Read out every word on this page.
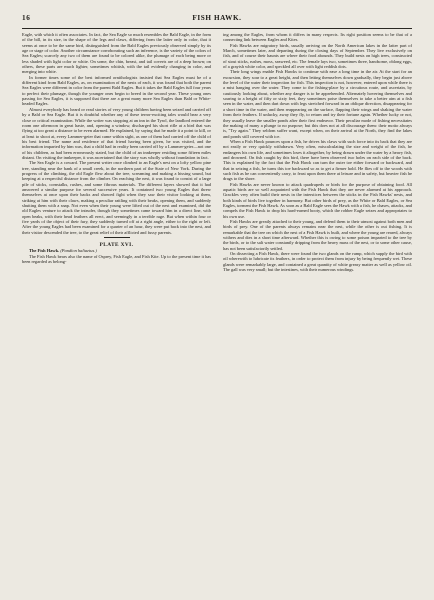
16	FISH HAWK.

Eagle, with which it often associates. In fact, the Sea Eagle so much resembles the Bald Eagle, in the form of the bill, in its size, in the shape of the legs and claws, differing from the latter only in color, that it seems at once to be the same bird, distinguished from the Bald Eagles previously observed simply by its age or stage of color. Another circumstance corroborating such an inference, is the variety of the colors of Sea Eagles; scarcely any two of them are found to be colored alike, the plumage of each being more or less shaded with light color or white. On some, the chin, breast, and tail coverts are of a deep brown; on others, these parts are much lighter, sometimes whitish, with the tail evidently changing in color, and merging into white.

In former times some of the best informed ornithologists insisted that Sea Eagles must be of a different kind from Bald Eagles, as, on examination of the nests of each, it was found that both the parent Sea Eagles were different in color from the parent Bald Eagles. But it takes the Bald Eagles full four years to perfect their plumage, though the younger ones begin to breed in the second year. These young ones passing for Sea Eagles, it is supposed that there are a great many more Sea Eagles than Bald or White-headed Eagles.

Almost everybody has heard or read stories of very young children having been seized and carried off by a Bald or Sea Eagle. But it is doubtful whether any of these terror-exciting tales would bear a very close or critical examination. While the writer was stopping at an inn in the Tyrol, the landlord entered the room one afternoon in great haste, and, opening a window, discharged his short rifle at a bird that was flying at too great a distance to be even alarmed. He explained, by saying that he made it a point to kill, or at least to shoot at, every Lammer-geier that came within sight, as one of them had carried off the child of his best friend. The name and residence of that friend having been given, he was visited, and the information imparted by him was, that a child had in reality been carried off by a Lammer-geier—not one of his children, as had been erroneously stated, but the child of an innkeeper residing some fifteen miles distant. On visiting the innkeeper, it was ascertained that the story was wholly without foundation in fact.

The Sea Eagle is a coward. The present writer once climbed to an Eagle's nest on a lofty yellow pine tree, standing near the bank of a small creek, in the northern part of the State of New York. During the progress of the climbing, the old Eagle flew about the tree, screaming and making a hissing sound, but keeping at a respectful distance from the climber. On reaching the nest, it was found to consist of a large pile of sticks, cornstalks, rushes, and some fibrous materials. The different layers showed that it had answered a similar purpose for several successive years. It contained two young Eagles that threw themselves at once upon their backs and showed fight when they saw their visitor looking at them, striking at him with their claws, making a peculiar rattling with their beaks, opening them, and suddenly shutting them with a snap. Not even when their young were lifted out of the nest and examined, did the old Eagles venture to attack the intruder, though they sometimes came toward him in a direct line, with open beaks, with their head feathers all erect, and seemingly in a terrible rage. But when within four or five yards of the object of their fury, they suddenly turned off at a right angle, either to the right or left. After the young Eagles had been examined for a quarter of an hour, they were put back into the nest, and their visitor descended the tree, to the great relief of their afflicted and fussy parents.

PLATE XVI.

The Fish Hawk. (Pandion haliaetus.)

The Fish Hawk bears also the name of Osprey, Fish Eagle, and Fish Kite. Up to the present time it has been regarded as belong-

ing among the Eagles, from whom it differs in many respects. Its right position seems to be that of a connecting link between Eagles and Kites.

Fish Hawks are migratory birds, usually arriving on the North American lakes in the latter part of March, sometimes later, and departing during the closing days of September. They live exclusively on fish, and of course their haunts are where their food abounds. They build nests on high trees, constructed of stout sticks, rushes, moss, seaweed, etc. The female lays two, sometimes three, handsome, oblong eggs, of a grayish white color, and speckled all over with light reddish dots.

Their long wings enable Fish Hawks to continue with ease a long time in the air. At the start for an excursion, they soar to a great height, and then letting themselves down gradually, they begin just above the level of the water their inspection for fish. This inspection is not, however, entered upon while there is a mist hanging over the water. They come to the fishing-place by a circuitous route, and ascertain, by cautiously looking about, whether any danger is to be apprehended. Alternately hovering themselves and soaring to a height of fifty or sixty feet, they sometimes poise themselves to take a better aim at a fish seen in the water, and then dart down with legs stretched forward in an oblique direction, disappearing for a short time in the water, and then reappearing on the surface, flapping their wings and shaking the water from their feathers. If unlucky, away they fly, to return and try their fortune again. Whether lucky or not, they usually leave the smaller ponds after their first endeavor. Their peculiar mode of fishing necessitates the making of many a plunge to no purpose; but this does not at all discourage them: their motto always is, "Try again." They seldom suffer want, except when, on their arrival at the North, they find the lakes and ponds still covered with ice.

When a Fish Hawk pounces upon a fish, he drives his claws with such force into its back that they are not easily or very quickly withdrawn. Very often, miscalculating the size and weight of the fish, he endangers his own life, and sometimes loses it altogether, by being drawn under the water by a heavy fish, and drowned. On fish caught by this bird, there have been observed two holes on each side of the back. This is explained by the fact that the Fish Hawk can turn the outer toe either forward or backward, and that in seizing a fish, he turns this toe backward so as to get a firmer hold. He flies off to the woods with such fish as he can conveniently carry, to feast upon them there at leisure and in safety, but heavier fish he drags to the shore.

Fish Hawks are never known to attack quadrupeds or birds for the purpose of obtaining food. All aquatic birds are so well acquainted with the Fish Hawk that they are never alarmed at his approach. Grackles very often build their nests in the interstices between the sticks in the Fish Hawks' nests, and both kinds of birds live together in harmony. But other birds of prey, as the White or Bald Eagles, or Sea Eagles, torment the Fish Hawk. As soon as a Bald Eagle sees the Hawk with a fish, he chases, attacks, and compels the Fish Hawk to drop his hard-earned booty, which the robber Eagle seizes and appropriates to his own use.

Fish Hawks are greatly attached to their young, and defend them to their utmost against both men and birds of prey. One of the parents always remains near the nest, while the other is out fishing. It is remarkable that the tree on which the nest of a Fish Hawk is built, and where the young are reared, always withers and dies in a short time afterward. Whether this is owing to some poison imparted to the tree by the birds, or to the salt water constantly dripping from the heavy mass of the nest, or to some other cause, has not been satisfactorily settled.

On dissecting a Fish Hawk, there were found the two glands on the rump, which supply the bird with oil wherewith to lubricate its feathers, in order to protect them from injury by being frequently wet. These glands were remarkably large, and contained a great quantity of white greasy matter as well as yellow oil. The gall was very small; but the intestines, with their numerous windings.
